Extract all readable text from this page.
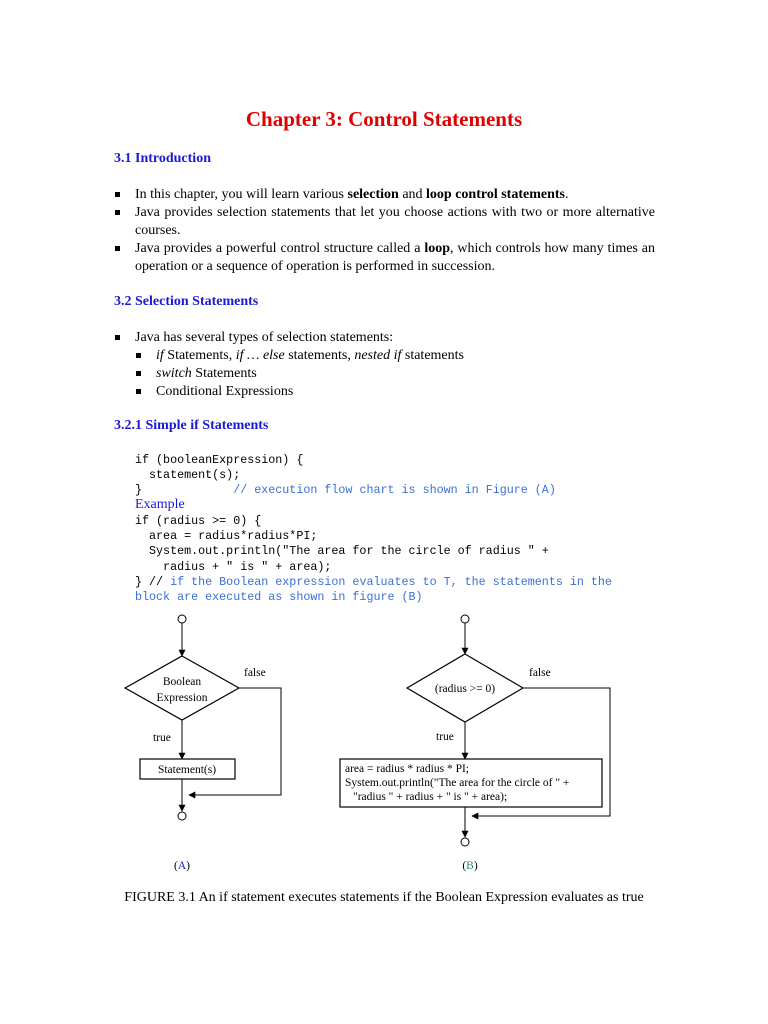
Chapter 3: Control Statements
3.1 Introduction
In this chapter, you will learn various selection and loop control statements.
Java provides selection statements that let you choose actions with two or more alternative courses.
Java provides a powerful control structure called a loop, which controls how many times an operation or a sequence of operation is performed in succession.
3.2 Selection Statements
Java has several types of selection statements:
if Statements, if … else statements, nested if statements
switch Statements
Conditional Expressions
3.2.1 Simple if Statements
if (booleanExpression) {
statement(s);
}	// execution flow chart is shown in Figure (A)
Example
if (radius >= 0) {
area = radius*radius*PI;
System.out.println("The area for the circle of radius " +
radius + " is " + area);
} // if the Boolean expression evaluates to T, the statements in the
block are executed as shown in figure (B)
Boolean
Expression
false
true
Statement(s)
(A)
(radius >= 0)
false
true
area = radius * radius * PI;
System.out.println("The area for the circle of " +
"radius " + radius + " is " + area);
(B)
FIGURE 3.1 An if statement executes statements if the Boolean Expression evaluates as true
